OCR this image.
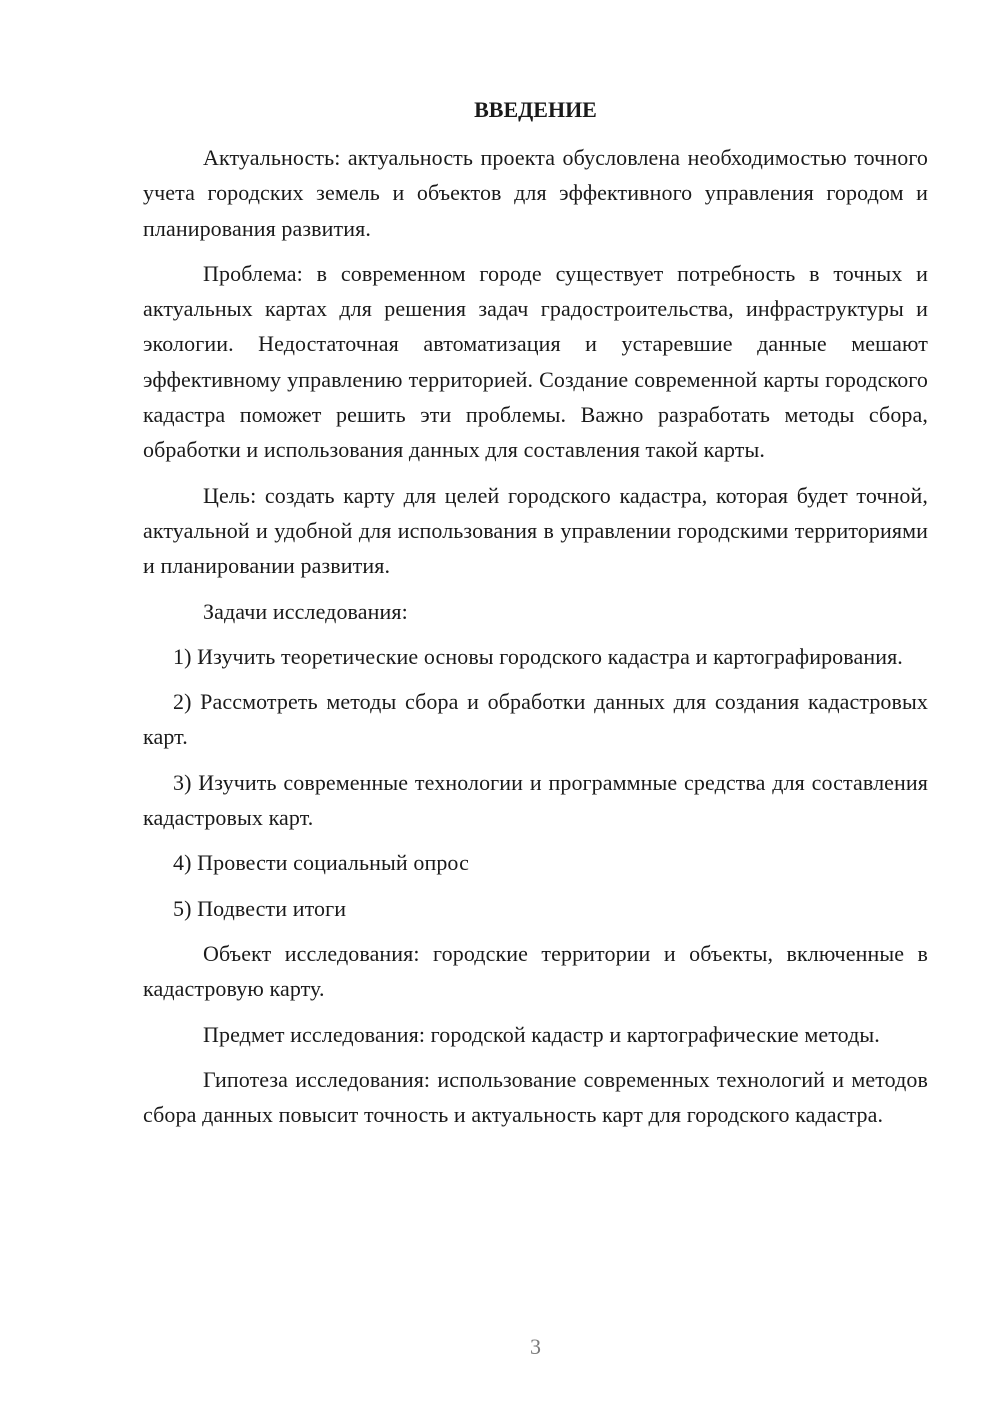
ВВЕДЕНИЕ

Актуальность: актуальность проекта обусловлена необходимостью точного учета городских земель и объектов для эффективного управления городом и планирования развития.

Проблема: в современном городе существует потребность в точных и актуальных картах для решения задач градостроительства, инфраструктуры и экологии. Недостаточная автоматизация и устаревшие данные мешают эффективному управлению территорией. Создание современной карты городского кадастра поможет решить эти проблемы. Важно разработать методы сбора, обработки и использования данных для составления такой карты.

Цель: создать карту для целей городского кадастра, которая будет точной, актуальной и удобной для использования в управлении городскими территориями и планировании развития.

Задачи исследования:

1) Изучить теоретические основы городского кадастра и картографирования.

2) Рассмотреть методы сбора и обработки данных для создания кадастровых карт.

3) Изучить современные технологии и программные средства для составления кадастровых карт.

4) Провести социальный опрос

5) Подвести итоги

Объект исследования: городские территории и объекты, включенные в кадастровую карту.

Предмет исследования: городской кадастр и картографические методы.

Гипотеза исследования: использование современных технологий и методов сбора данных повысит точность и актуальность карт для городского кадастра.

3
